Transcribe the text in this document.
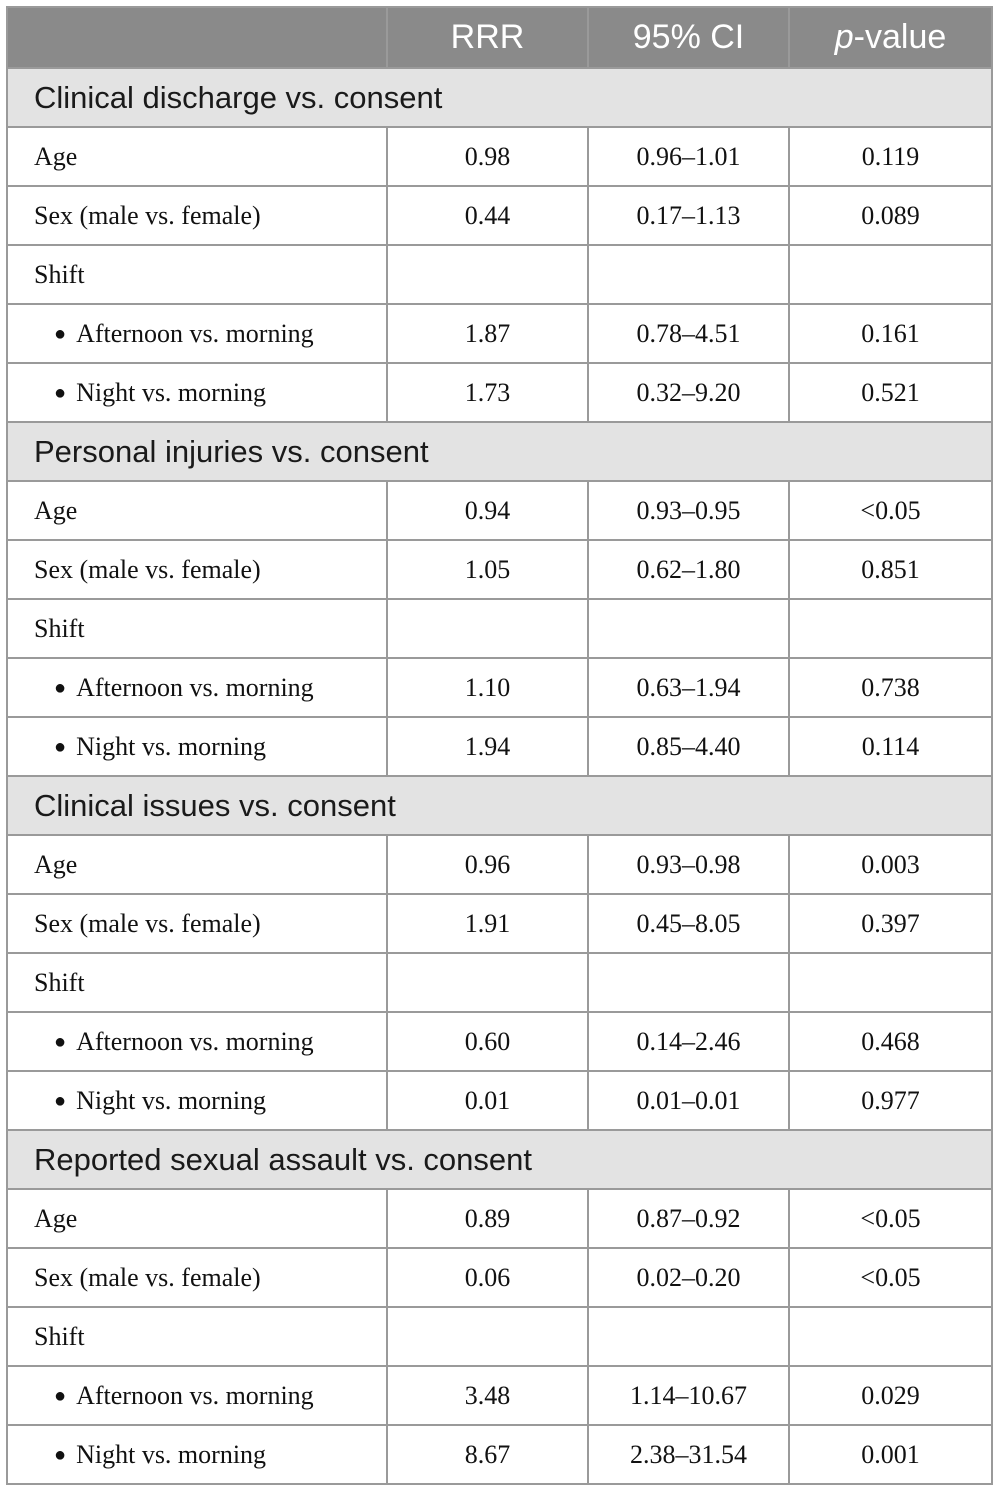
	RRR	95% CI	p-value
Clinical discharge vs. consent			
Age	0.98	0.96–1.01	0.119
Sex (male vs. female)	0.44	0.17–1.13	0.089
Shift			
● Afternoon vs. morning	1.87	0.78–4.51	0.161
● Night vs. morning	1.73	0.32–9.20	0.521
Personal injuries vs. consent			
Age	0.94	0.93–0.95	<0.05
Sex (male vs. female)	1.05	0.62–1.80	0.851
Shift			
● Afternoon vs. morning	1.10	0.63–1.94	0.738
● Night vs. morning	1.94	0.85–4.40	0.114
Clinical issues vs. consent			
Age	0.96	0.93–0.98	0.003
Sex (male vs. female)	1.91	0.45–8.05	0.397
Shift			
● Afternoon vs. morning	0.60	0.14–2.46	0.468
● Night vs. morning	0.01	0.01–0.01	0.977
Reported sexual assault vs. consent			
Age	0.89	0.87–0.92	<0.05
Sex (male vs. female)	0.06	0.02–0.20	<0.05
Shift			
● Afternoon vs. morning	3.48	1.14–10.67	0.029
● Night vs. morning	8.67	2.38–31.54	0.001
